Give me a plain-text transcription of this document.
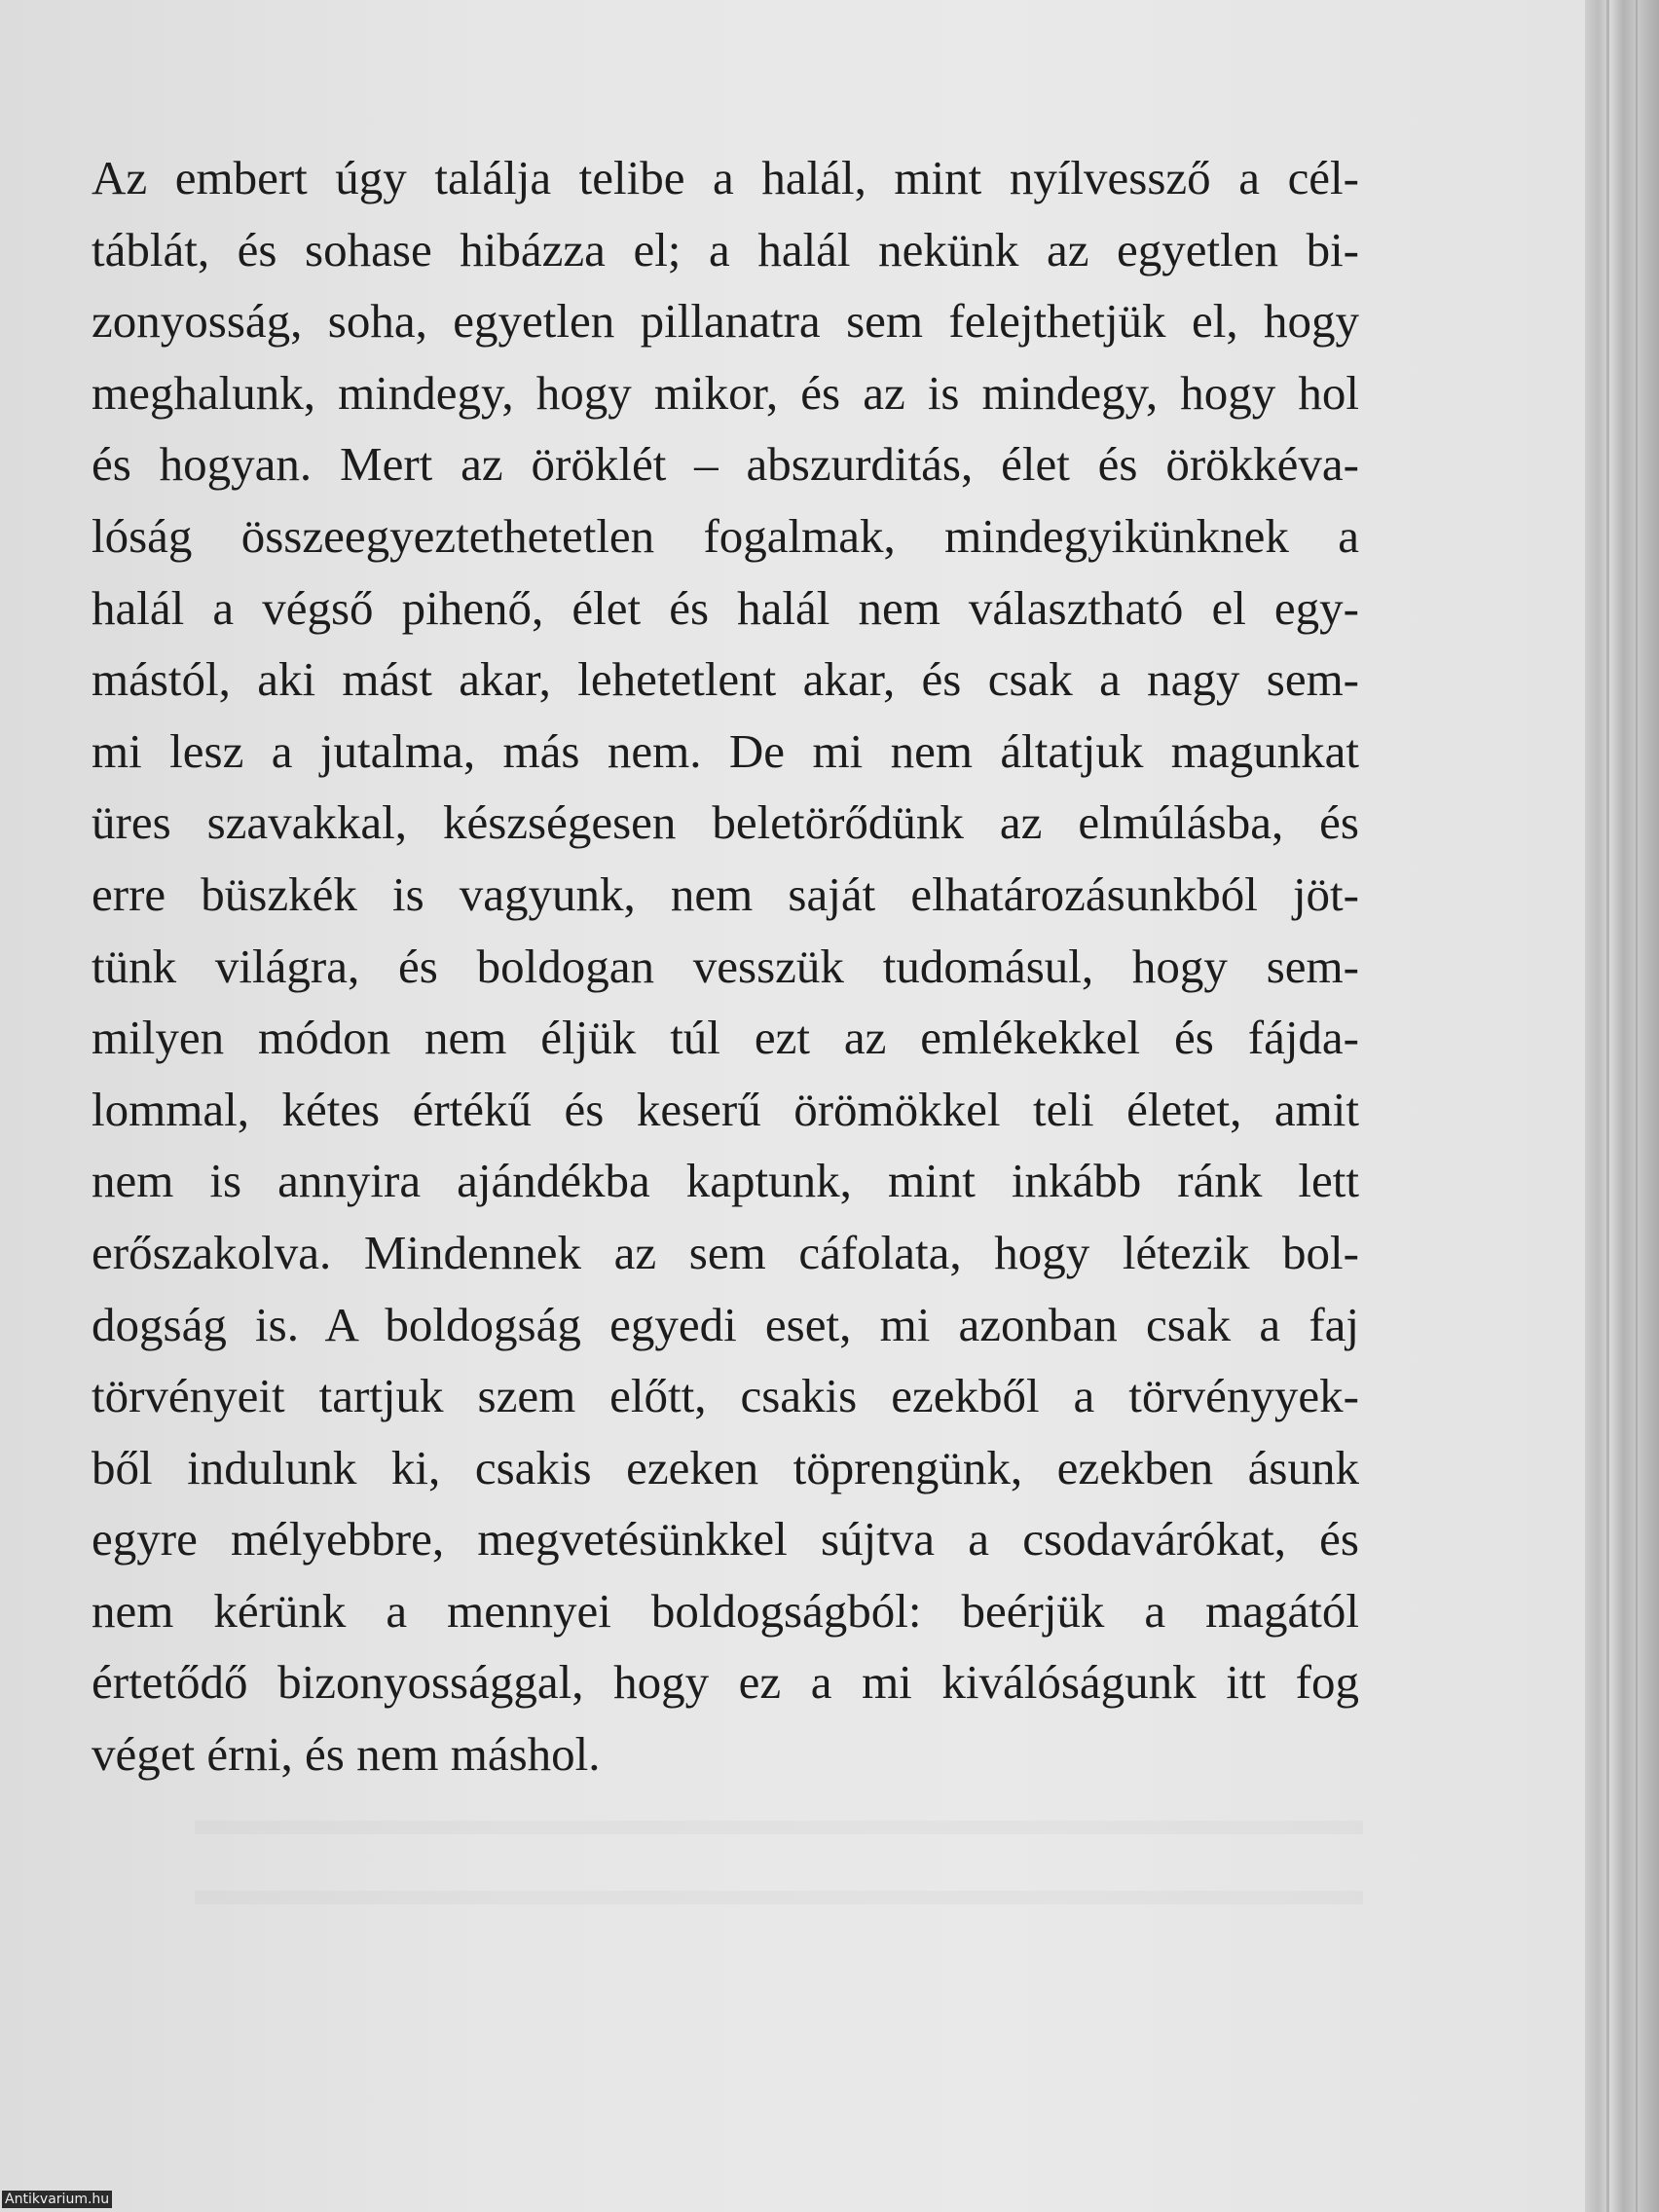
Az embert úgy találja telibe a halál, mint nyílvessző a cél-
táblát, és sohase hibázza el; a halál nekünk az egyetlen bi-
zonyosság, soha, egyetlen pillanatra sem felejthetjük el, hogy
meghalunk, mindegy, hogy mikor, és az is mindegy, hogy hol
és hogyan. Mert az öröklét – abszurditás, élet és örökkéva-
lóság összeegyeztethetetlen fogalmak, mindegyikünknek a
halál a végső pihenő, élet és halál nem választható el egy-
mástól, aki mást akar, lehetetlent akar, és csak a nagy sem-
mi lesz a jutalma, más nem. De mi nem áltatjuk magunkat
üres szavakkal, készségesen beletörődünk az elmúlásba, és
erre büszkék is vagyunk, nem saját elhatározásunkból jöt-
tünk világra, és boldogan vesszük tudomásul, hogy sem-
milyen módon nem éljük túl ezt az emlékekkel és fájda-
lommal, kétes értékű és keserű örömökkel teli életet, amit
nem is annyira ajándékba kaptunk, mint inkább ránk lett
erőszakolva. Mindennek az sem cáfolata, hogy létezik bol-
dogság is. A boldogság egyedi eset, mi azonban csak a faj
törvényeit tartjuk szem előtt, csakis ezekből a törvényyek-
ből indulunk ki, csakis ezeken töprengünk, ezekben ásunk
egyre mélyebbre, megvetésünkkel sújtva a csodavárókat, és
nem kérünk a mennyei boldogságból: beérjük a magától
értetődő bizonyossággal, hogy ez a mi kiválóságunk itt fog
véget érni, és nem máshol.
Antikvarium.hu
